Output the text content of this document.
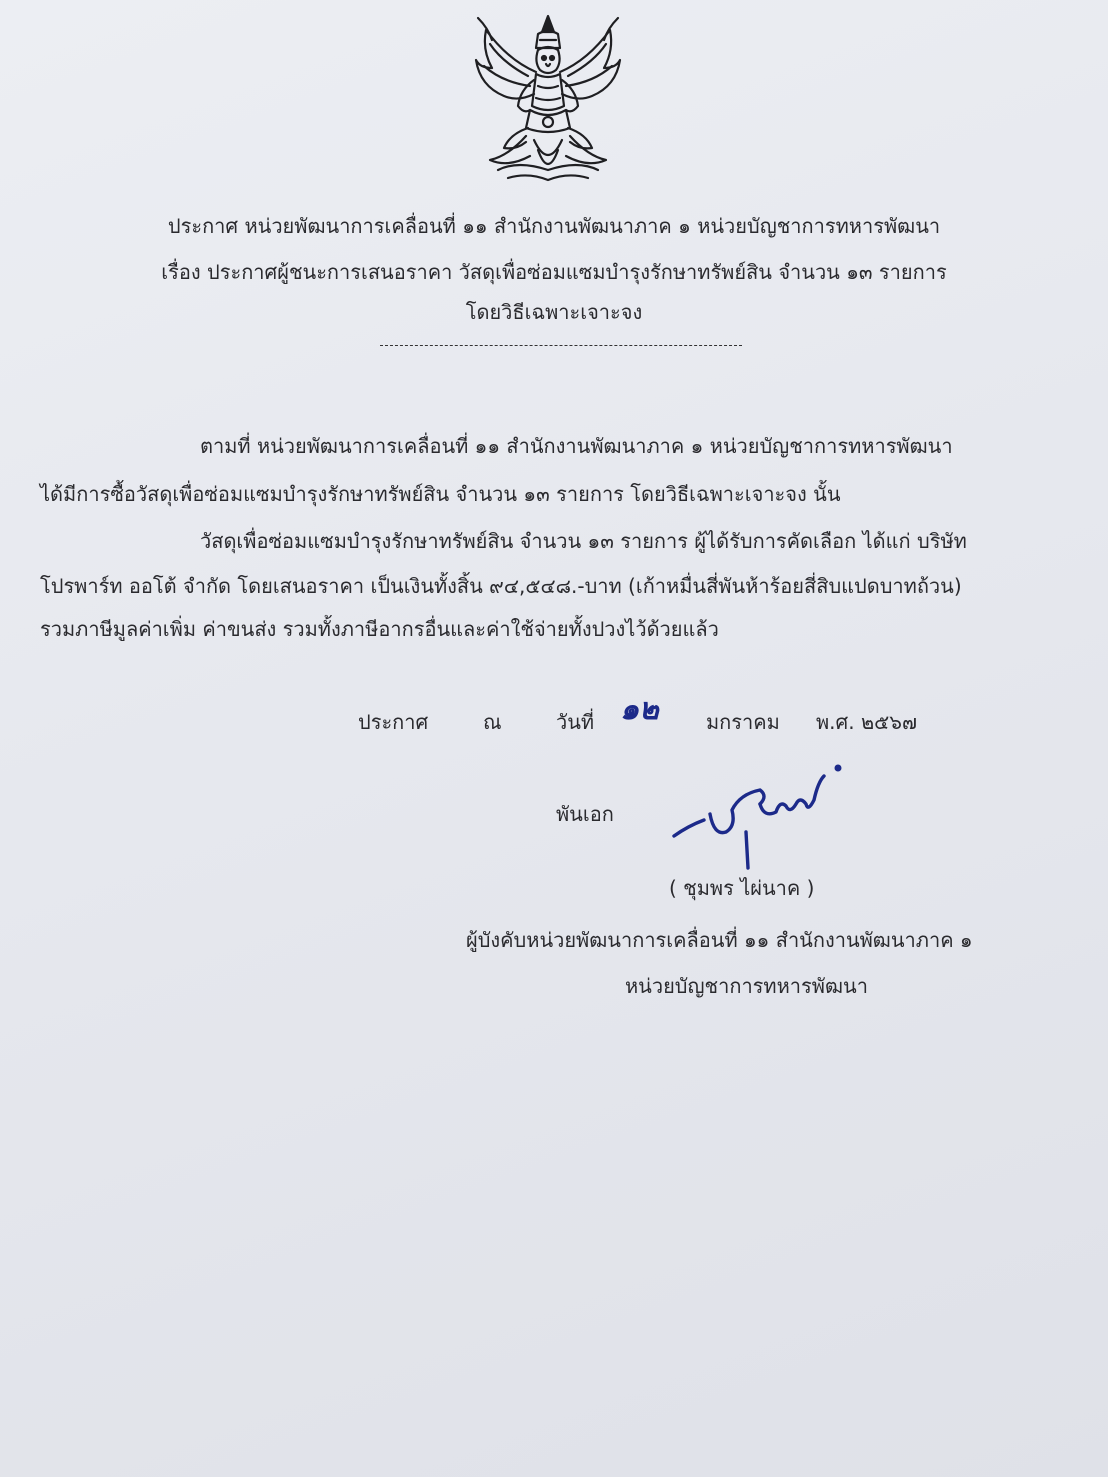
ประกาศ หน่วยพัฒนาการเคลื่อนที่ ๑๑ สำนักงานพัฒนาภาค ๑ หน่วยบัญชาการทหารพัฒนา
เรื่อง ประกาศผู้ชนะการเสนอราคา วัสดุเพื่อซ่อมแซมบำรุงรักษาทรัพย์สิน จำนวน ๑๓ รายการ
โดยวิธีเฉพาะเจาะจง
ตามที่ หน่วยพัฒนาการเคลื่อนที่ ๑๑ สำนักงานพัฒนาภาค ๑ หน่วยบัญชาการทหารพัฒนา
ได้มีการซื้อวัสดุเพื่อซ่อมแซมบำรุงรักษาทรัพย์สิน จำนวน ๑๓ รายการ โดยวิธีเฉพาะเจาะจง นั้น
วัสดุเพื่อซ่อมแซมบำรุงรักษาทรัพย์สิน จำนวน ๑๓ รายการ ผู้ได้รับการคัดเลือก ได้แก่ บริษัท
โปรพาร์ท ออโต้ จำกัด โดยเสนอราคา เป็นเงินทั้งสิ้น ๙๔,๕๔๘.-บาท (เก้าหมื่นสี่พันห้าร้อยสี่สิบแปดบาทถ้วน)
รวมภาษีมูลค่าเพิ่ม ค่าขนส่ง รวมทั้งภาษีอากรอื่นและค่าใช้จ่ายทั้งปวงไว้ด้วยแล้ว
ประกาศ	ณ	วันที่ ๑๒ มกราคม พ.ศ. ๒๕๖๗
พันเอก
( ชุมพร ไผ่นาค )
ผู้บังคับหน่วยพัฒนาการเคลื่อนที่ ๑๑ สำนักงานพัฒนาภาค ๑
หน่วยบัญชาการทหารพัฒนา
